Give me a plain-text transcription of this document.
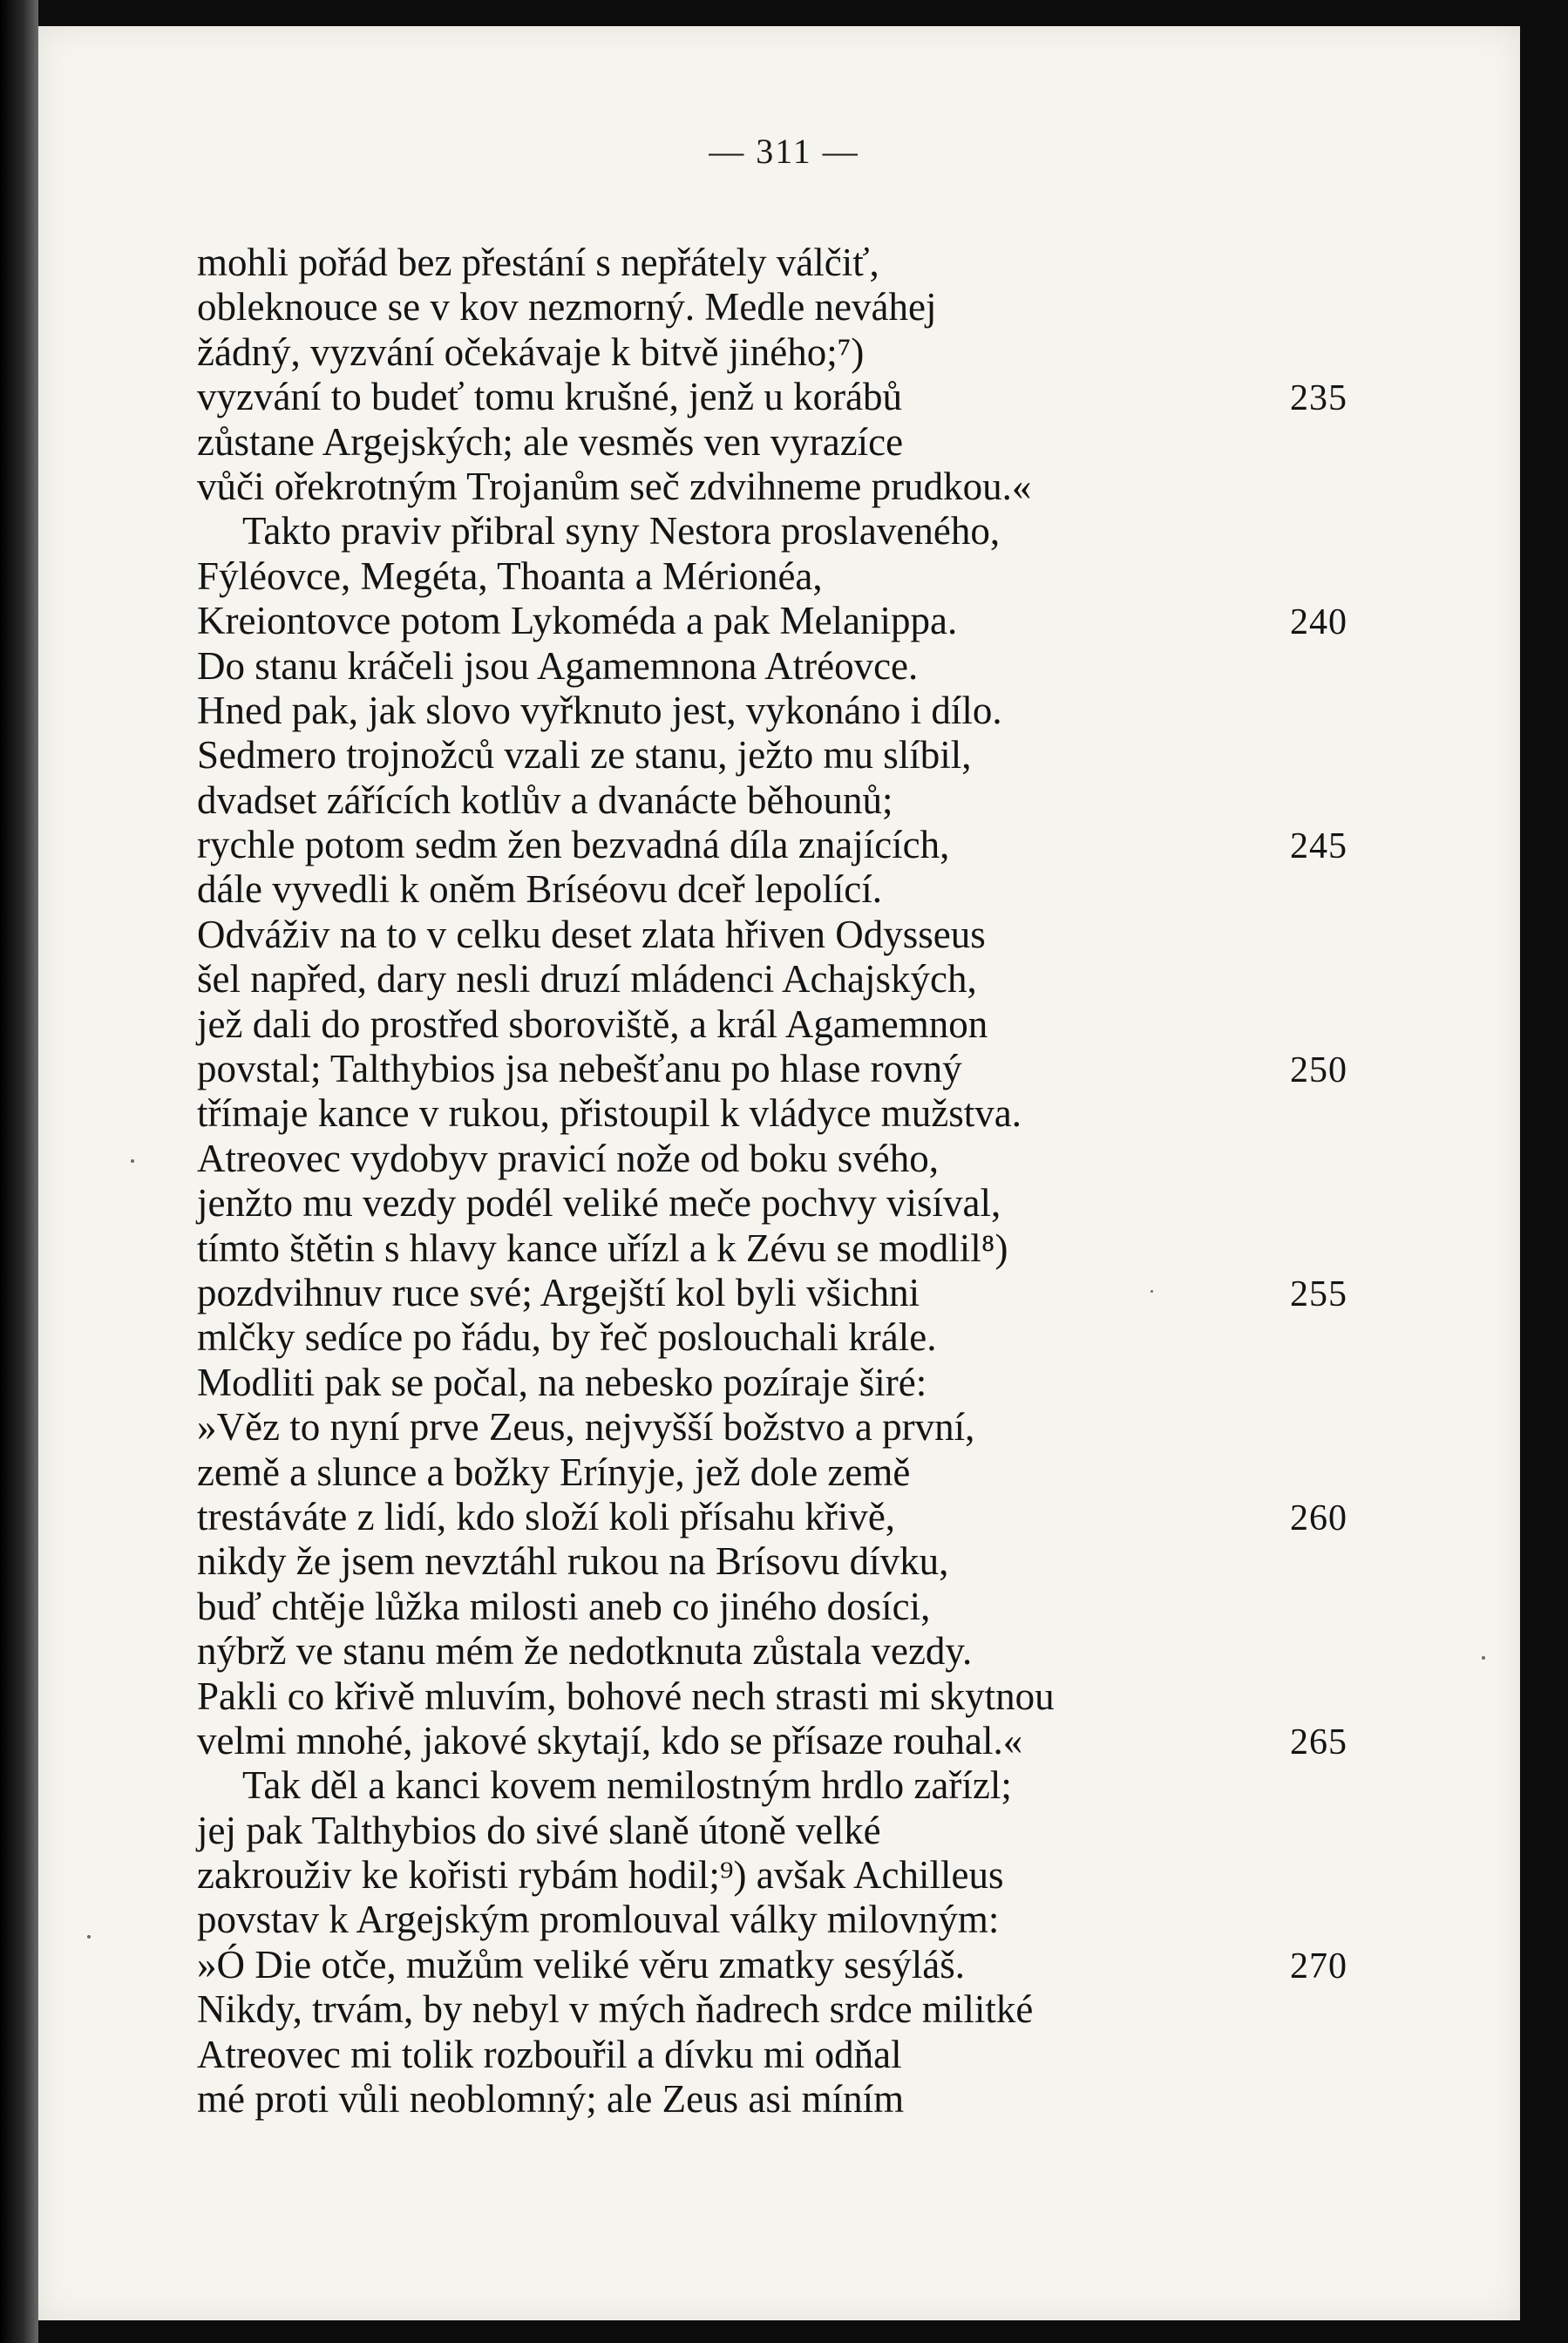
— 311 —
mohli pořád bez přestání s nepřátely válčiť,
obleknouce se v kov nezmorný. Medle neváhej
žádný, vyzvání očekávaje k bitvě jiného;⁷)
vyzvání to budeť tomu krušné, jenž u korábů	235
zůstane Argejských; ale vesměs ven vyrazíce
vůči ořekrotným Trojanům seč zdvihneme prudkou.«
Takto praviv přibral syny Nestora proslaveného,
Fýléovce, Megéta, Thoanta a Mérionéa,
Kreiontovce potom Lykoméda a pak Melanippa.	240
Do stanu kráčeli jsou Agamemnona Atréovce.
Hned pak, jak slovo vyřknuto jest, vykonáno i dílo.
Sedmero trojnožců vzali ze stanu, ježto mu slíbil,
dvadset zářících kotlův a dvanácte běhounů;
rychle potom sedm žen bezvadná díla znajících,	245
dále vyvedli k oněm Bríséovu dceř lepolící.
Odváživ na to v celku deset zlata hřiven Odysseus
šel napřed, dary nesli druzí mládenci Achajských,
jež dali do prostřed sboroviště, a král Agamemnon
povstal; Talthybios jsa nebešťanu po hlase rovný	250
třímaje kance v rukou, přistoupil k vládyce mužstva.
Atreovec vydobyv pravicí nože od boku svého,
jenžto mu vezdy podél veliké meče pochvy visíval,
tímto štětin s hlavy kance uřízl a k Zévu se modlil⁸)
pozdvihnuv ruce své; Argejští kol byli všichni	255
mlčky sedíce po řádu, by řeč poslouchali krále.
Modliti pak se počal, na nebesko pozíraje širé:
»Věz to nyní prve Zeus, nejvyšší božstvo a první,
země a slunce a božky Erínyje, jež dole země
trestáváte z lidí, kdo složí koli přísahu křivě,	260
nikdy že jsem nevztáhl rukou na Brísovu dívku,
buď chtěje lůžka milosti aneb co jiného dosíci,
nýbrž ve stanu mém že nedotknuta zůstala vezdy.
Pakli co křivě mluvím, bohové nech strasti mi skytnou
velmi mnohé, jakové skytají, kdo se přísaze rouhal.«	265
Tak děl a kanci kovem nemilostným hrdlo zařízl;
jej pak Talthybios do sivé slaně útoně velké
zakrouživ ke kořisti rybám hodil;⁹) avšak Achilleus
povstav k Argejským promlouval války milovným:
»Ó Die otče, mužům veliké věru zmatky sesýláš.	270
Nikdy, trvám, by nebyl v mých ňadrech srdce militké
Atreovec mi tolik rozbouřil a dívku mi odňal
mé proti vůli neoblomný; ale Zeus asi míním
